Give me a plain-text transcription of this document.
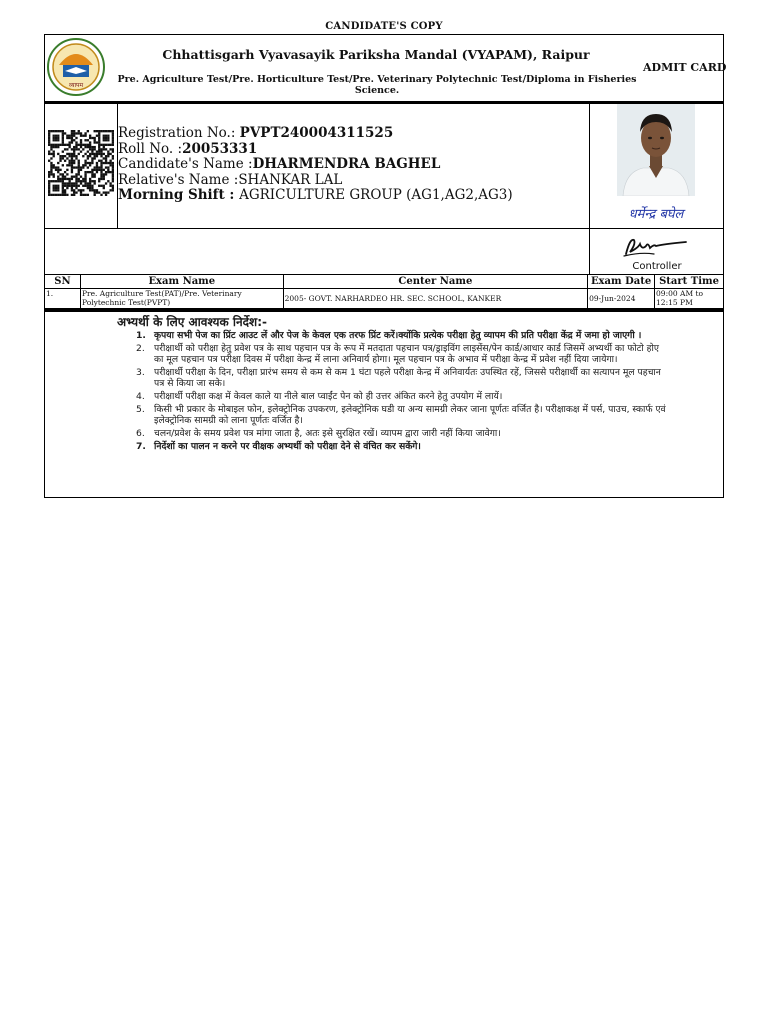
CANDIDATE'S COPY
व्यापम
Chhattisgarh Vyavasayik Pariksha Mandal (VYAPAM), Raipur
Pre. Agriculture Test/Pre. Horticulture Test/Pre. Veterinary Polytechnic Test/Diploma in Fisheries Science.
ADMIT CARD
Registration No.: PVPT240004311525
Roll No. :20053331
Candidate's Name :DHARMENDRA BAGHEL
Relative's Name :SHANKAR LAL
Morning Shift : AGRICULTURE GROUP (AG1,AG2,AG3)
धर्मेन्द्र बघेल
Controller
SN	Exam Name	Center Name	Exam Date	Start Time
1.	Pre. Agriculture Test(PAT)/Pre. Veterinary Polytechnic Test(PVPT)	2005- GOVT. NARHARDEO HR. SEC. SCHOOL, KANKER	09-Jun-2024	09:00 AM to 12:15 PM
अभ्यर्थी के लिए आवश्यक निर्देश:-
1. कृपया सभी पेज का प्रिंट आउट लें और पेज के केवल एक तरफ प्रिंट करें।क्योंकि प्रत्येक परीक्षा हेतु व्यापम की प्रति परीक्षा केंद्र में जमा हो जाएगी ।
2. परीक्षार्थी को परीक्षा हेतु प्रवेश पत्र के साथ पहचान पत्र के रूप में मतदाता पहचान पत्र/ड्राइविंग लाइसेंस/पेन कार्ड/आधार कार्ड जिसमें अभ्यर्थी का फोटो होए का मूल पहचान पत्र परीक्षा दिवस में परीक्षा केन्द्र में लाना अनिवार्य होगा। मूल पहचान पत्र के अभाव में परीक्षा केन्द्र में प्रवेश नहीं दिया जायेगा।
3. परीक्षार्थी परीक्षा के दिन, परीक्षा प्रारंभ समय से कम से कम 1 घंटा पहले परीक्षा केन्द्र में अनिवार्यतः उपस्थित रहें, जिससे परीक्षार्थी का सत्यापन मूल पहचान पत्र से किया जा सके।
4. परीक्षार्थी परीक्षा कक्ष में केवल काले या नीले बाल प्वाईंट पेन को ही उत्तर अंकित करने हेतु उपयोग में लायें।
5. किसी भी प्रकार के मोबाइल फोन, इलेक्ट्रोनिक उपकरण, इलेक्ट्रोनिक घडी या अन्य सामग्री लेकर जाना पूर्णतः वर्जित है। परीक्षाकक्ष में पर्स, पाउच, स्कार्फ एवं इलेक्ट्रोनिक सामग्री को लाना पूर्णतः वर्जित है।
6. चलन/प्रवेश के समय प्रवेश पत्र मांगा जाता है, अतः इसे सुरक्षित रखें। व्यापम द्वारा जारी नहीं किया जावेगा।
7. निर्देशों का पालन न करने पर वीक्षक अभ्यर्थी को परीक्षा देने से वंचित कर सकेंगे।
